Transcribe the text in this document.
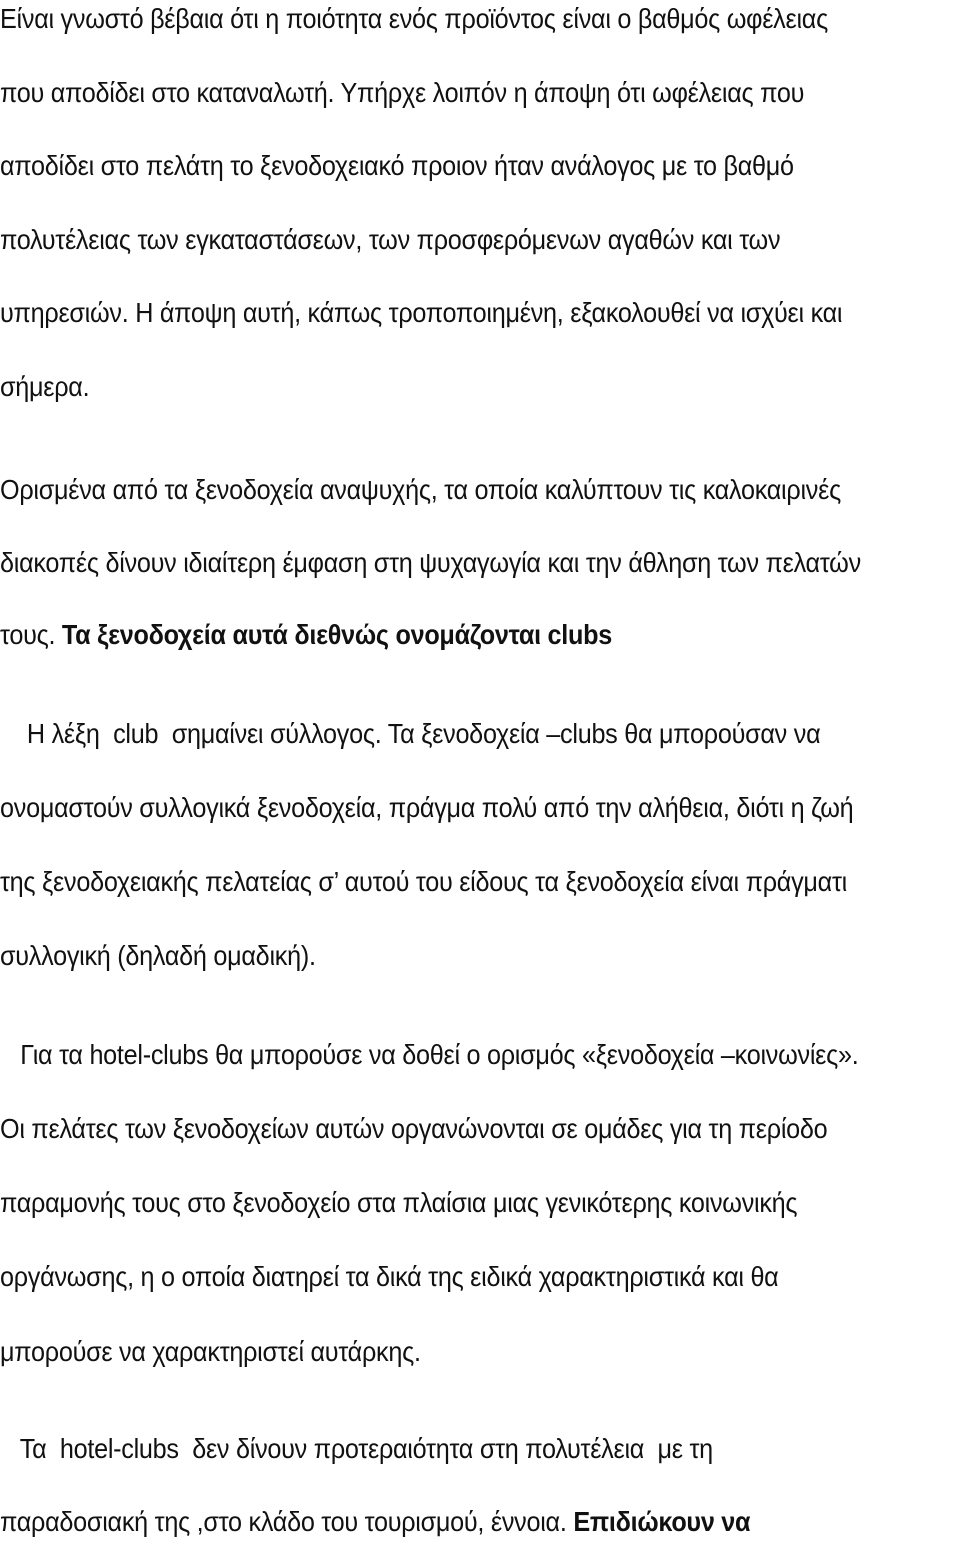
Είναι γνωστό βέβαια ότι η ποιότητα ενός προϊόντος είναι ο βαθμός ωφέλειας
που αποδίδει στο καταναλωτή. Υπήρχε λοιπόν η άποψη ότι ωφέλειας που
αποδίδει στο πελάτη το ξενοδοχειακό προιον ήταν ανάλογος με το βαθμό
πολυτέλειας των εγκαταστάσεων, των προσφερόμενων αγαθών και των
υπηρεσιών. Η άποψη αυτή, κάπως τροποποιημένη, εξακολουθεί να ισχύει και
σήμερα.
Ορισμένα από τα ξενοδοχεία αναψυχής, τα οποία καλύπτουν τις καλοκαιρινές
διακοπές δίνουν ιδιαίτερη έμφαση στη ψυχαγωγία και την άθληση των πελατών
τους. Τα ξενοδοχεία αυτά διεθνώς ονομάζονται clubs
Η λέξη  club  σημαίνει σύλλογος. Τα ξενοδοχεία –clubs θα μπορούσαν να
ονομαστούν συλλογικά ξενοδοχεία, πράγμα πολύ από την αλήθεια, διότι η ζωή
της ξενοδοχειακής πελατείας σ’ αυτού του είδους τα ξενοδοχεία είναι πράγματι
συλλογική (δηλαδή ομαδική).
Για τα hotel-clubs θα μπορούσε να δοθεί ο ορισμός «ξενοδοχεία –κοινωνίες».
Οι πελάτες των ξενοδοχείων αυτών οργανώνονται σε ομάδες για τη περίοδο
παραμονής τους στο ξενοδοχείο στα πλαίσια μιας γενικότερης κοινωνικής
οργάνωσης, η ο οποία διατηρεί τα δικά της ειδικά χαρακτηριστικά και θα
μπορούσε να χαρακτηριστεί αυτάρκης.
Τα  hotel-clubs  δεν δίνουν προτεραιότητα στη πολυτέλεια  με τη
παραδοσιακή της ,στο κλάδο του τουρισμού, έννοια. Επιδιώκουν να
